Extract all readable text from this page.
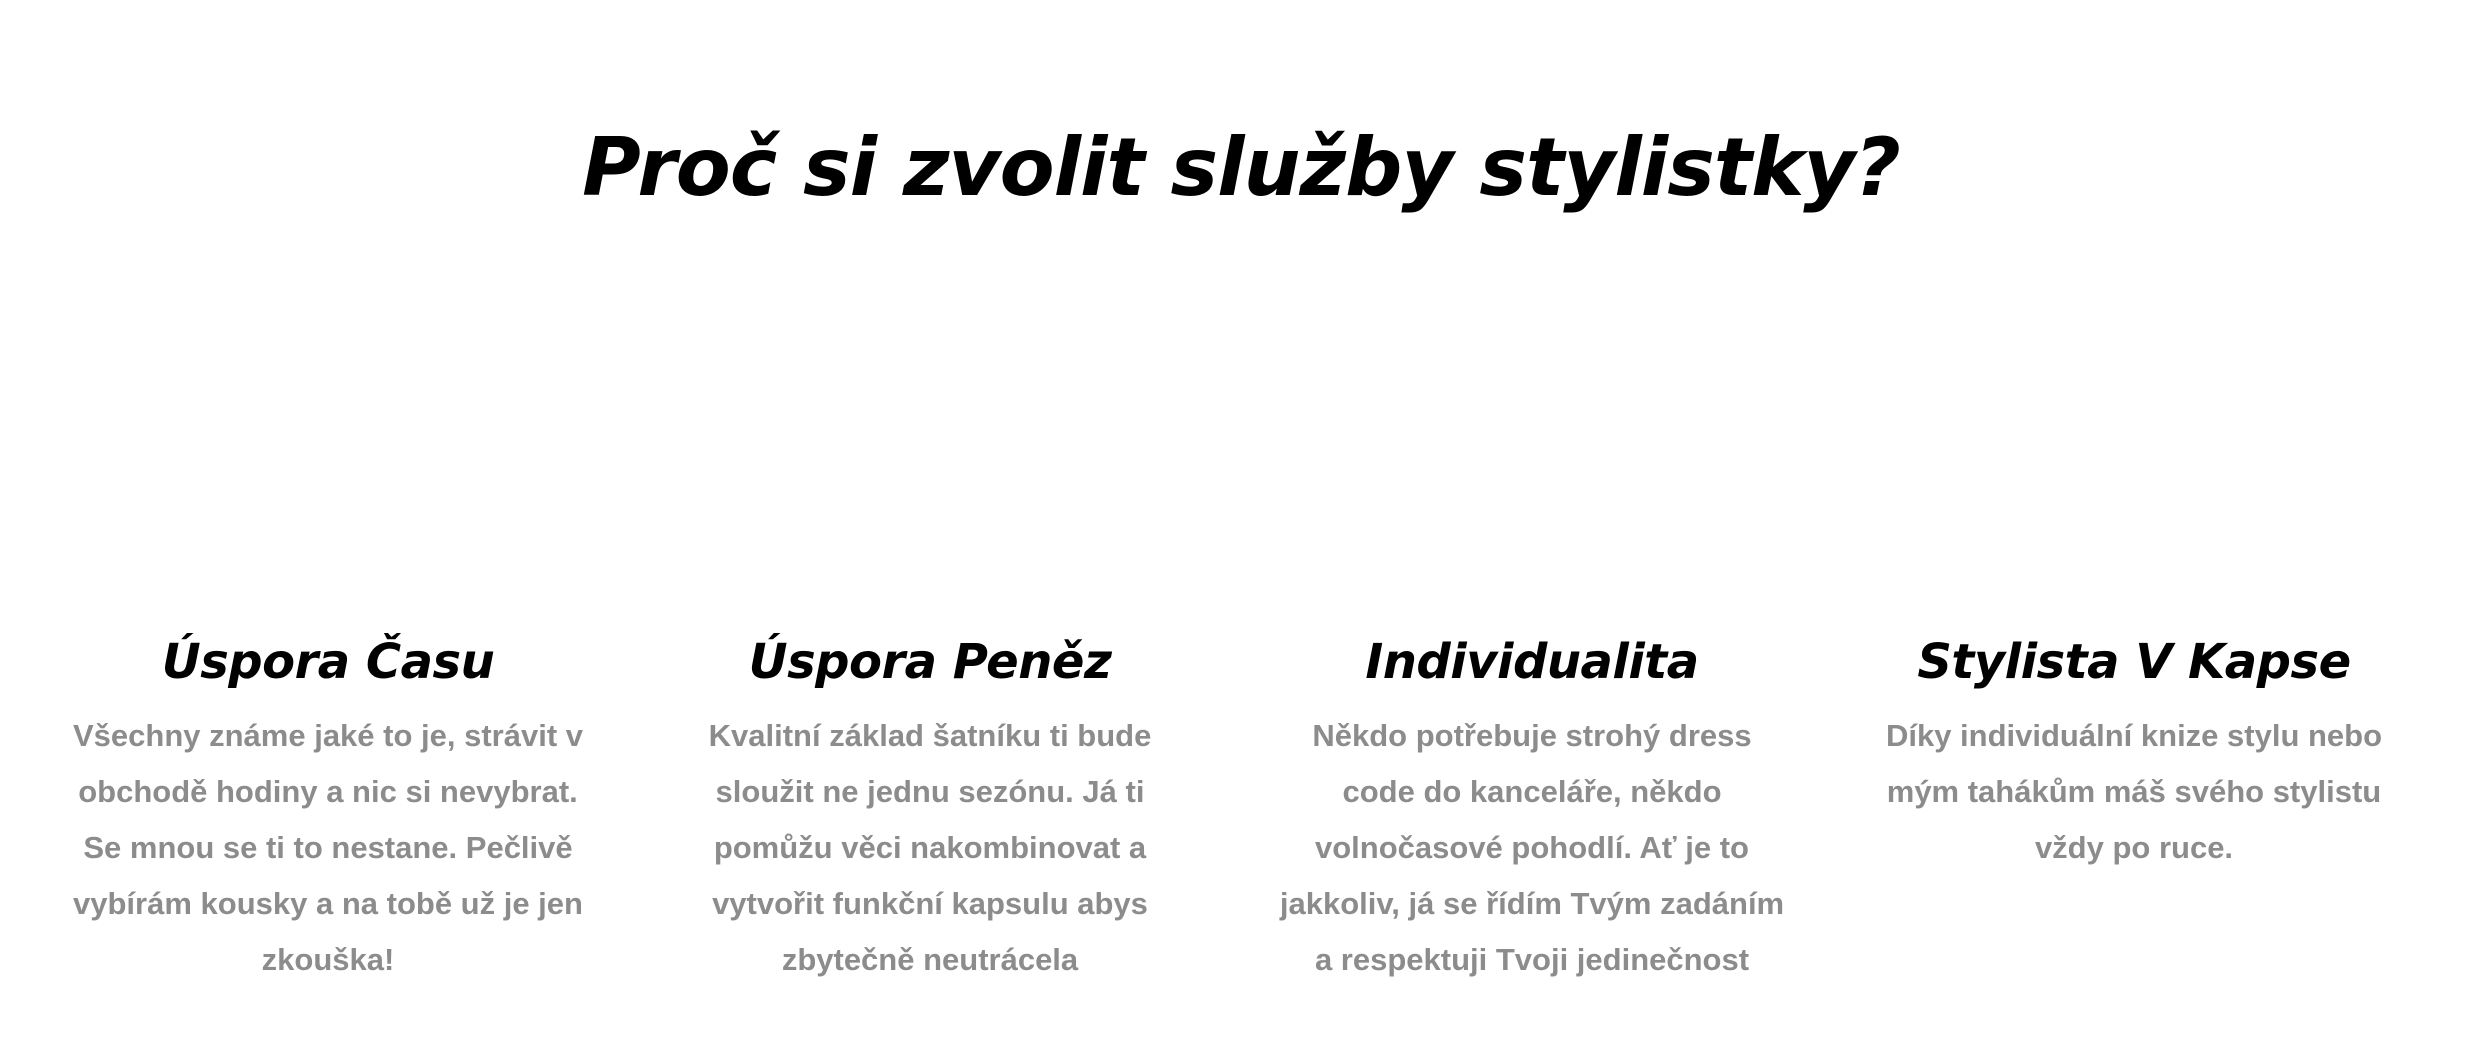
Proč si zvolit služby stylistky?
Úspora Času

Všechny známe jaké to je, strávit v obchodě hodiny a nic si nevybrat. Se mnou se ti to nestane. Pečlivě vybírám kousky a na tobě už je jen zkouška!

Úspora Peněz

Kvalitní základ šatníku ti bude sloužit ne jednu sezónu. Já ti pomůžu věci nakombinovat a vytvořit funkční kapsulu abys zbytečně neutrácela

Individualita

Někdo potřebuje strohý dress code do kanceláře, někdo volnočasové pohodlí. Ať je to jakkoliv, já se řídím Tvým zadáním a respektuji Tvoji jedinečnost

Stylista V Kapse

Díky individuální knize stylu nebo mým tahákům máš svého stylistu vždy po ruce.
